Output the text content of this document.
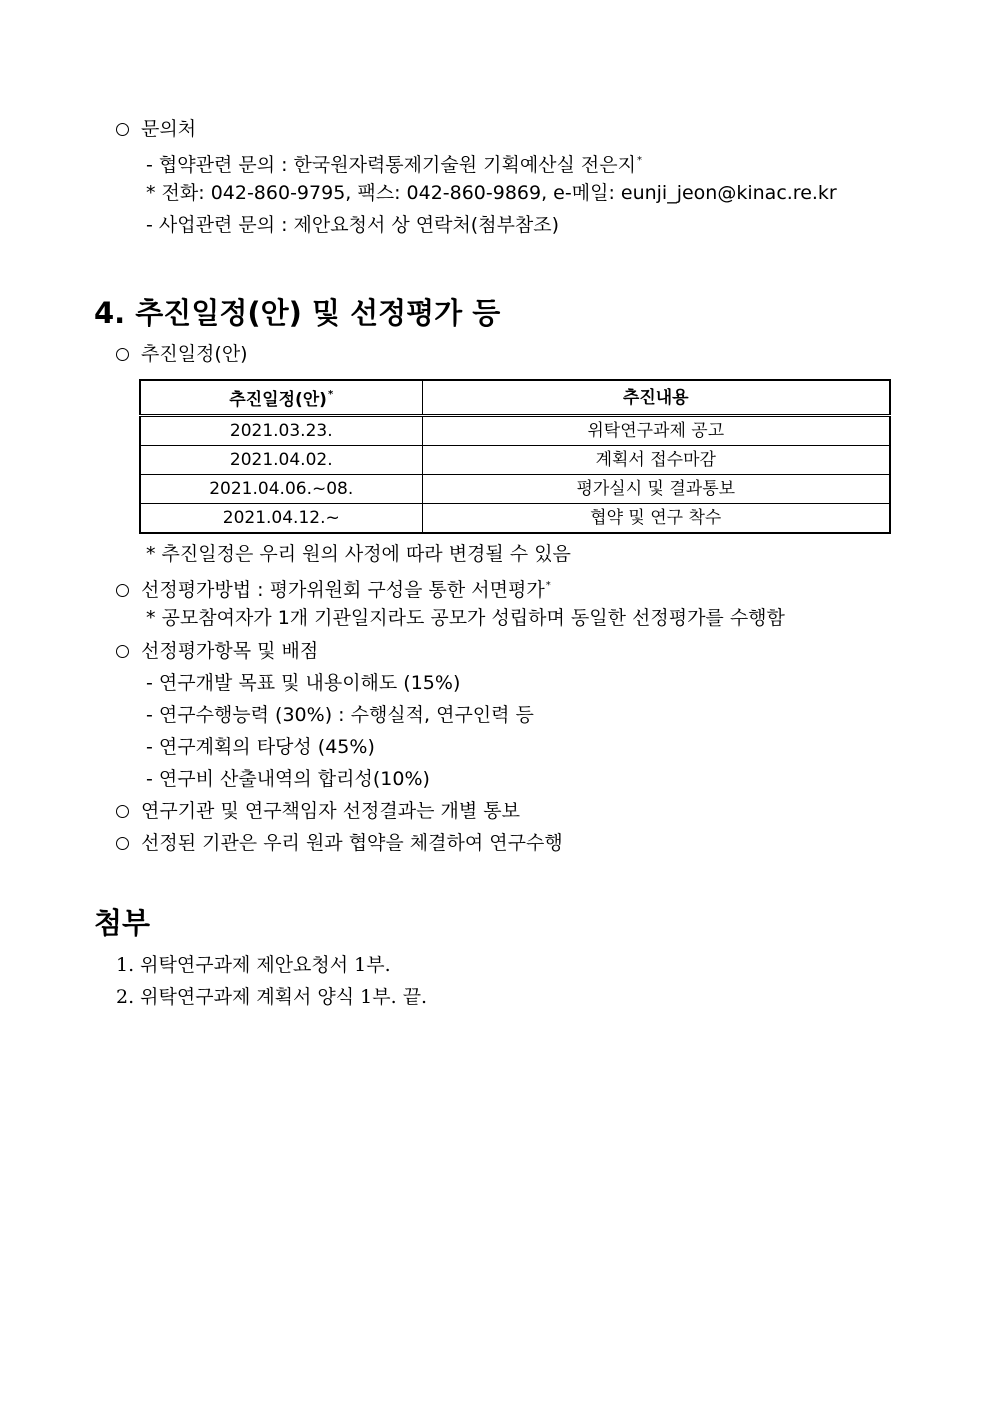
문의처
- 협약관련 문의 : 한국원자력통제기술원 기획예산실 전은지*
* 전화: 042-860-9795, 팩스: 042-860-9869, e-메일: eunji_jeon@kinac.re.kr
- 사업관련 문의 : 제안요청서 상 연락처(첨부참조)
4. 추진일정(안) 및 선정평가 등
추진일정(안)
추진일정(안)*	추진내용
2021.03.23.	위탁연구과제 공고
2021.04.02.	계획서 접수마감
2021.04.06.~08.	평가실시 및 결과통보
2021.04.12.~	협약 및 연구 착수
* 추진일정은 우리 원의 사정에 따라 변경될 수 있음
선정평가방법 : 평가위원회 구성을 통한 서면평가*
* 공모참여자가 1개 기관일지라도 공모가 성립하며 동일한 선정평가를 수행함
선정평가항목 및 배점
- 연구개발 목표 및 내용이해도 (15%)
- 연구수행능력 (30%) : 수행실적, 연구인력 등
- 연구계획의 타당성 (45%)
- 연구비 산출내역의 합리성(10%)
연구기관 및 연구책임자 선정결과는 개별 통보
선정된 기관은 우리 원과 협약을 체결하여 연구수행
첨부
1. 위탁연구과제 제안요청서 1부.
2. 위탁연구과제 계획서 양식 1부. 끝.
